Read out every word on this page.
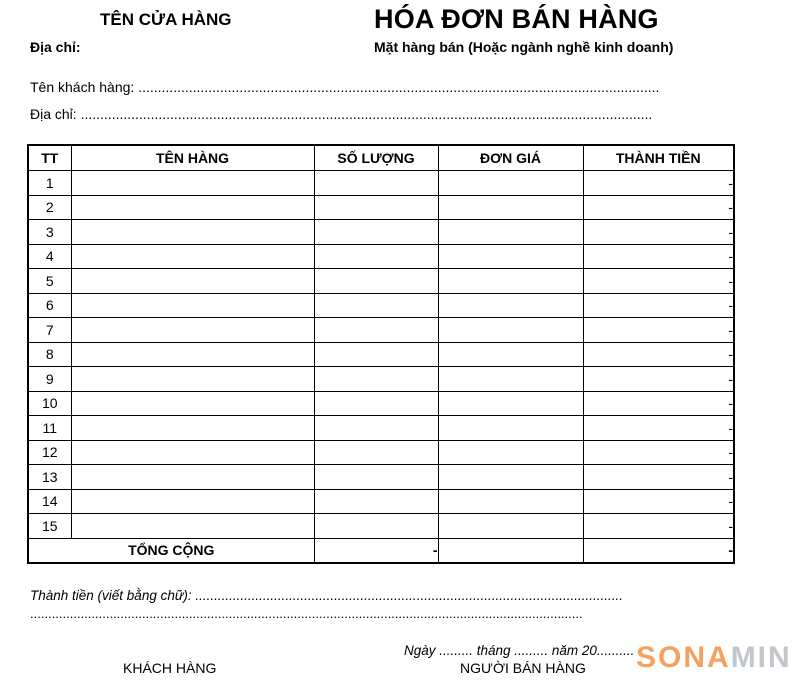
TÊN CỬA HÀNG
Địa chỉ:
HÓA ĐƠN BÁN HÀNG
Mặt hàng bán (Hoặc ngành nghề kinh doanh)
Tên khách hàng: ......................................................................................................................................
Địa chỉ: ...................................................................................................................................................
TT	TÊN HÀNG	SỐ LƯỢNG	ĐƠN GIÁ	THÀNH TIỀN
1				-
2				-
3				-
4				-
5				-
6				-
7				-
8				-
9				-
10				-
11				-
12				-
13				-
14				-
15				-
TỔNG CỘNG		-		-
Thành tiền (viết bằng chữ): ..................................................................................................................
.........................................................................................................................................................
Ngày ......... tháng ......... năm 20..........
KHÁCH HÀNG	NGƯỜI BÁN HÀNG SONAMIN
